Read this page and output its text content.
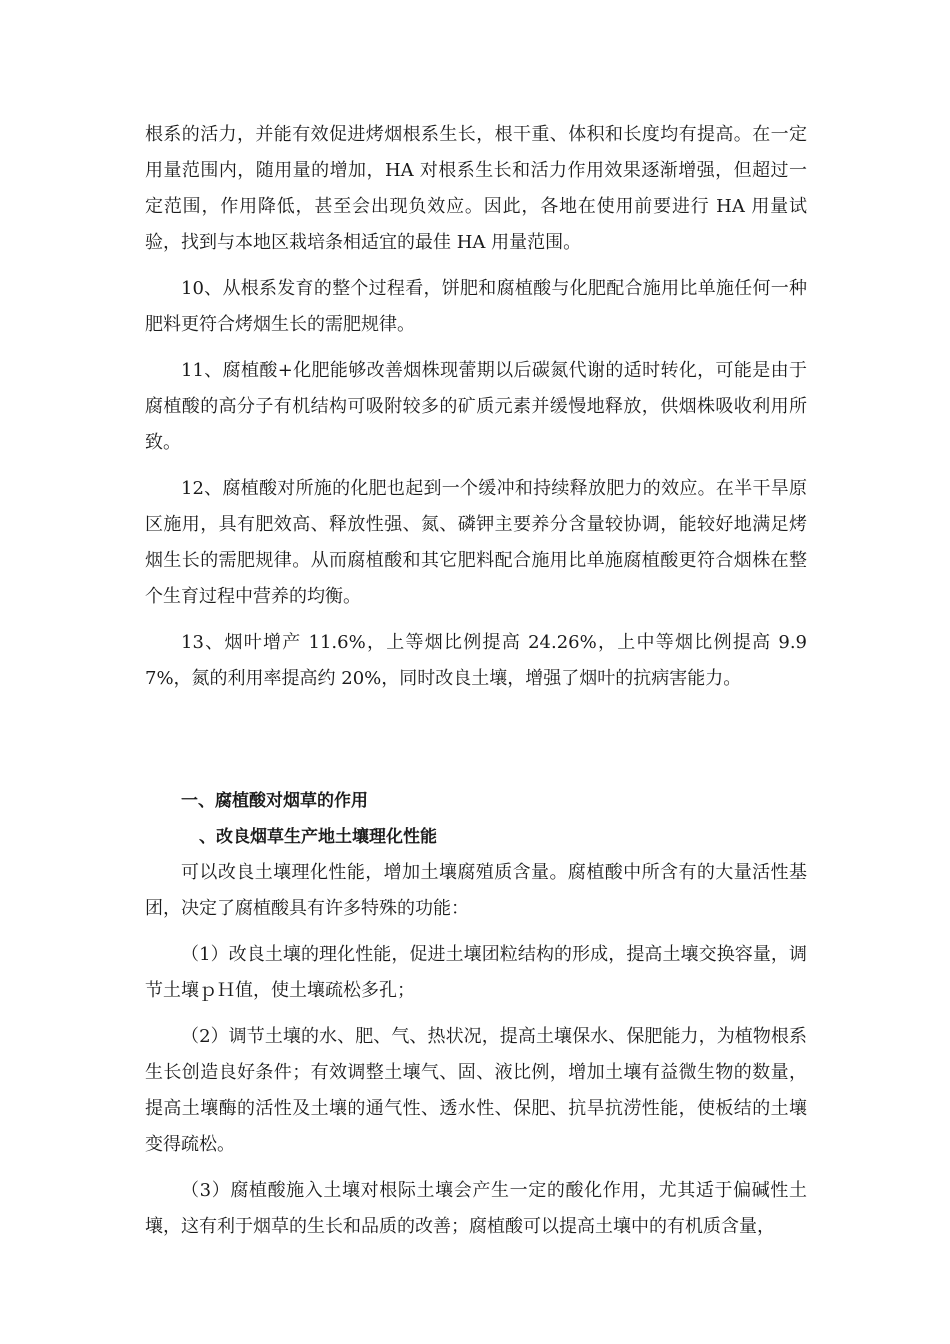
根系的活力，并能有效促进烤烟根系生长，根干重、体积和长度均有提高。在一定用量范围内，随用量的增加，HA 对根系生长和活力作用效果逐渐增强，但超过一定范围，作用降低，甚至会出现负效应。因此，各地在使用前要进行 HA 用量试验，找到与本地区栽培条相适宜的最佳 HA 用量范围。

10、从根系发育的整个过程看，饼肥和腐植酸与化肥配合施用比单施任何一种肥料更符合烤烟生长的需肥规律。

11、腐植酸+化肥能够改善烟株现蕾期以后碳氮代谢的适时转化，可能是由于腐植酸的高分子有机结构可吸附较多的矿质元素并缓慢地释放，供烟株吸收利用所致。

12、腐植酸对所施的化肥也起到一个缓冲和持续释放肥力的效应。在半干旱原区施用，具有肥效高、释放性强、氮、磷钾主要养分含量较协调，能较好地满足烤烟生长的需肥规律。从而腐植酸和其它肥料配合施用比单施腐植酸更符合烟株在整个生育过程中营养的均衡。

13、烟叶增产 11.6%，上等烟比例提高 24.26%，上中等烟比例提高 9.97%，氮的利用率提高约 20%，同时改良土壤，增强了烟叶的抗病害能力。

一、腐植酸对烟草的作用

、改良烟草生产地土壤理化性能

可以改良土壤理化性能，增加土壤腐殖质含量。腐植酸中所含有的大量活性基团，决定了腐植酸具有许多特殊的功能：

（1）改良土壤的理化性能，促进土壤团粒结构的形成，提高土壤交换容量，调节土壤ｐＨ值，使土壤疏松多孔；

（2）调节土壤的水、肥、气、热状况，提高土壤保水、保肥能力，为植物根系生长创造良好条件；有效调整土壤气、固、液比例，增加土壤有益微生物的数量，提高土壤酶的活性及土壤的通气性、透水性、保肥、抗旱抗涝性能，使板结的土壤变得疏松。

（3）腐植酸施入土壤对根际土壤会产生一定的酸化作用，尤其适于偏碱性土壤，这有利于烟草的生长和品质的改善；腐植酸可以提高土壤中的有机质含量，
